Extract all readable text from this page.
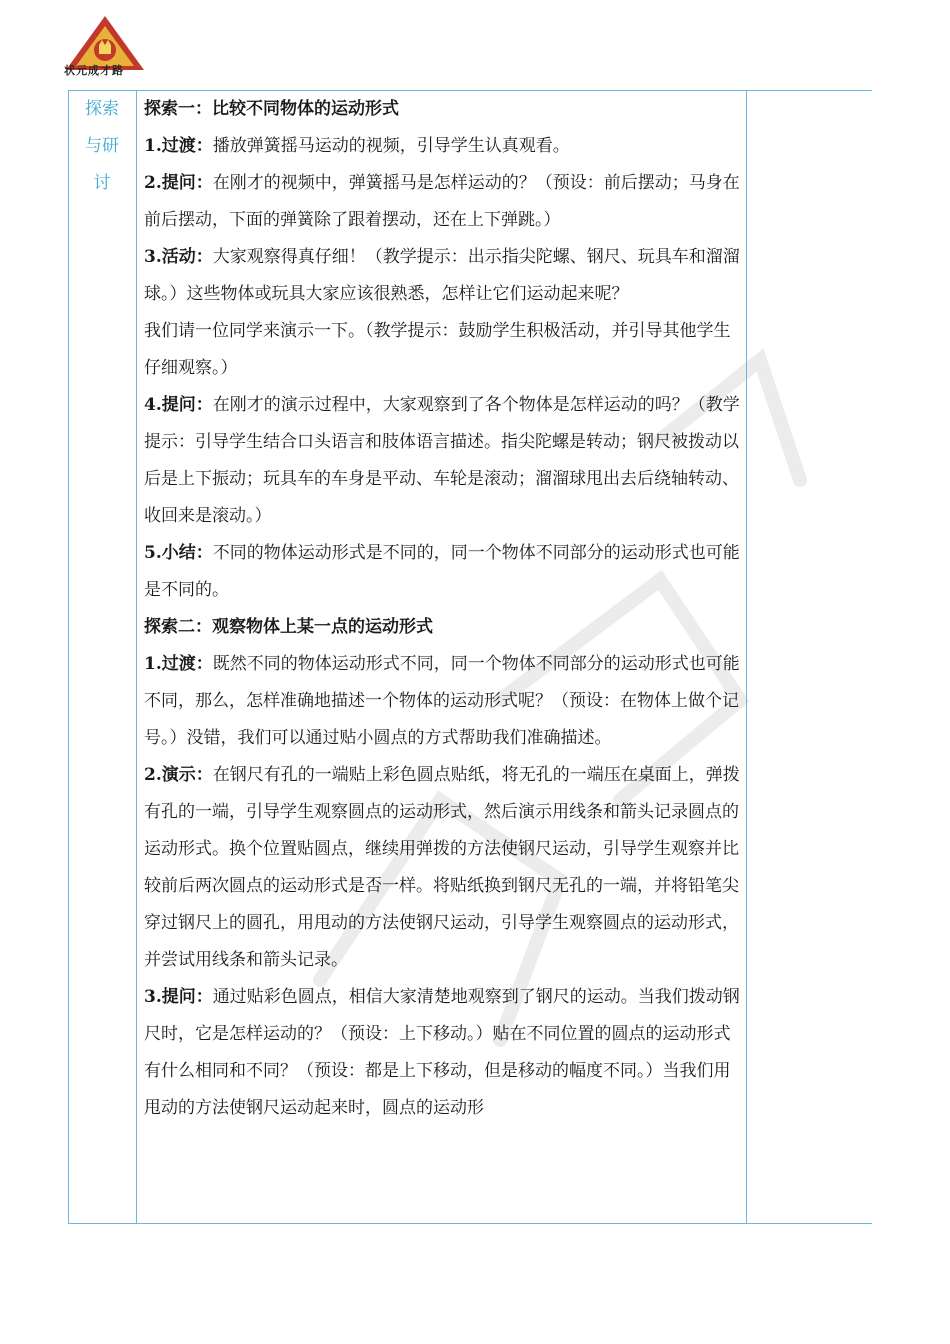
状元成才路
探索
与研
讨

探索一：比较不同物体的运动形式

1.过渡：播放弹簧摇马运动的视频，引导学生认真观看。

2.提问：在刚才的视频中，弹簧摇马是怎样运动的？（预设：前后摆动；马身在前后摆动，下面的弹簧除了跟着摆动，还在上下弹跳。）

3.活动：大家观察得真仔细！（教学提示：出示指尖陀螺、钢尺、玩具车和溜溜球。）这些物体或玩具大家应该很熟悉，怎样让它们运动起来呢？

我们请一位同学来演示一下。（教学提示：鼓励学生积极活动，并引导其他学生仔细观察。）

4.提问：在刚才的演示过程中，大家观察到了各个物体是怎样运动的吗？（教学提示：引导学生结合口头语言和肢体语言描述。指尖陀螺是转动；钢尺被拨动以后是上下振动；玩具车的车身是平动、车轮是滚动；溜溜球甩出去后绕轴转动、收回来是滚动。）

5.小结：不同的物体运动形式是不同的，同一个物体不同部分的运动形式也可能是不同的。

探索二：观察物体上某一点的运动形式

1.过渡：既然不同的物体运动形式不同，同一个物体不同部分的运动形式也可能不同，那么，怎样准确地描述一个物体的运动形式呢？（预设：在物体上做个记号。）没错，我们可以通过贴小圆点的方式帮助我们准确描述。

2.演示：在钢尺有孔的一端贴上彩色圆点贴纸，将无孔的一端压在桌面上，弹拨有孔的一端，引导学生观察圆点的运动形式，然后演示用线条和箭头记录圆点的运动形式。换个位置贴圆点，继续用弹拨的方法使钢尺运动，引导学生观察并比较前后两次圆点的运动形式是否一样。将贴纸换到钢尺无孔的一端，并将铅笔尖穿过钢尺上的圆孔，用甩动的方法使钢尺运动，引导学生观察圆点的运动形式，并尝试用线条和箭头记录。

3.提问：通过贴彩色圆点，相信大家清楚地观察到了钢尺的运动。当我们拨动钢尺时，它是怎样运动的？（预设：上下移动。）贴在不同位置的圆点的运动形式有什么相同和不同？（预设：都是上下移动，但是移动的幅度不同。）当我们用甩动的方法使钢尺运动起来时，圆点的运动形
